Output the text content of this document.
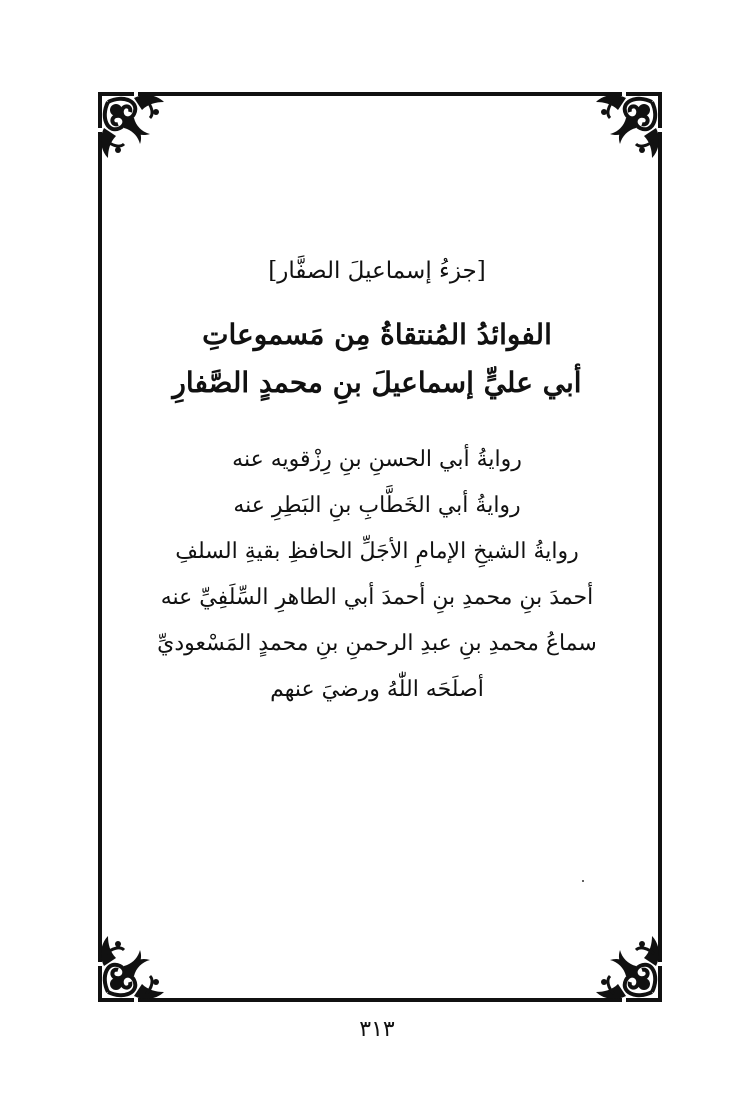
[جزءُ إسماعيلَ الصفَّار]
الفوائدُ المُنتقاةُ مِن مَسموعاتِ
أبي عليٍّ إسماعيلَ بنِ محمدٍ الصَّفارِ
روايةُ أبي الحسنِ بنِ رِزْقويه عنه
روايةُ أبي الخَطَّابِ بنِ البَطِرِ عنه
روايةُ الشيخِ الإمامِ الأجَلِّ الحافظِ بقيةِ السلفِ
أحمدَ بنِ محمدِ بنِ أحمدَ أبي الطاهرِ السِّلَفِيِّ عنه
سماعُ محمدِ بنِ عبدِ الرحمنِ بنِ محمدٍ المَسْعوديِّ
أصلَحَه اللّٰهُ ورضيَ عنهم
٣١٣
